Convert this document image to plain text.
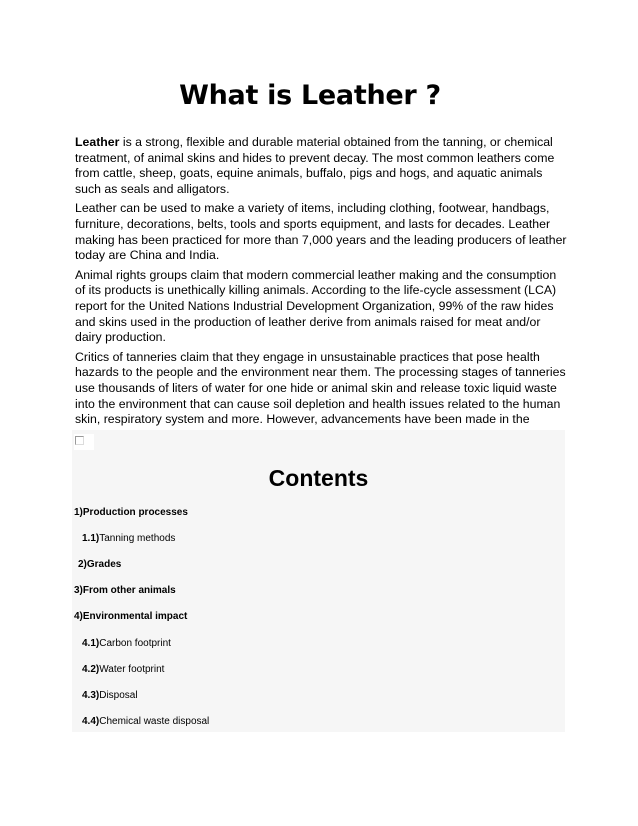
What is Leather ?

Leather is a strong, flexible and durable material obtained from the tanning, or chemical treatment, of animal skins and hides to prevent decay. The most common leathers come from cattle, sheep, goats, equine animals, buffalo, pigs and hogs, and aquatic animals such as seals and alligators.

Leather can be used to make a variety of items, including clothing, footwear, handbags, furniture, decorations, belts, tools and sports equipment, and lasts for decades. Leather making has been practiced for more than 7,000 years and the leading producers of leather today are China and India.

Animal rights groups claim that modern commercial leather making and the consumption of its products is unethically killing animals. According to the life-cycle assessment (LCA) report for the United Nations Industrial Development Organization, 99% of the raw hides and skins used in the production of leather derive from animals raised for meat and/or dairy production.

Critics of tanneries claim that they engage in unsustainable practices that pose health hazards to the people and the environment near them. The processing stages of tanneries use thousands of liters of water for one hide or animal skin and release toxic liquid waste into the environment that can cause soil depletion and health issues related to the human skin, respiratory system and more. However, advancements have been made in the

Contents
1)Production processes
1.1)Tanning methods
2)Grades
3)From other animals
4)Environmental impact
4.1)Carbon footprint
4.2)Water footprint
4.3)Disposal
4.4)Chemical waste disposal
